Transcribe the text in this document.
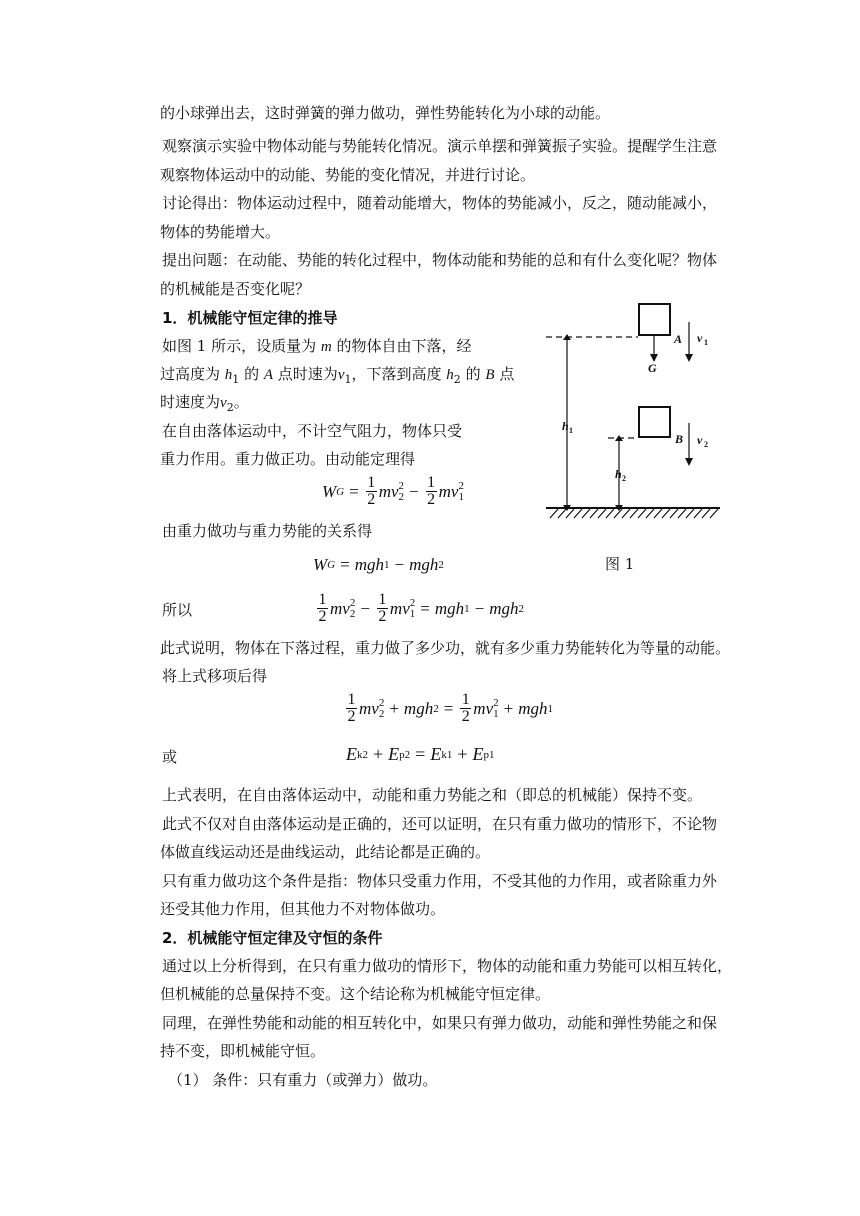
的小球弹出去，这时弹簧的弹力做功，弹性势能转化为小球的动能。
观察演示实验中物体动能与势能转化情况。演示单摆和弹簧振子实验。提醒学生注意
观察物体运动中的动能、势能的变化情况，并进行讨论。
讨论得出：物体运动过程中，随着动能增大，物体的势能减小，反之，随动能减小，
物体的势能增大。
提出问题：在动能、势能的转化过程中，物体动能和势能的总和有什么变化呢？物体
的机械能是否变化呢？
1．机械能守恒定律的推导
如图 1 所示，设质量为 m 的物体自由下落，经
过高度为 $h_1$ 的 A 点时速为$v_1$，下落到高度 $h_2$ 的 B 点
时速度为$v_2$。
在自由落体运动中，不计空气阻力，物体只受
重力作用。重力做正功。由动能定理得
W $G = \frac{1}{2}$ mv 2
$2 - \frac{1}{2}$ mv 2
1
由重力做功与重力势能的关系得
W G = mgh 1 − mgh 2
所以	$\frac{1}{2}$ mv 2
$2 - \frac{1}{2}$ mv 2
1 = mgh 1 − mgh 2
此式说明，物体在下落过程，重力做了多少功，就有多少重力势能转化为等量的动能。
将上式移项后得
$\frac{1}{2}$ mv 2
2 + mgh $2 = \frac{1}{2}$ mv 2
1 + mgh 1
或	E k2 + E p2 = E k1 + E p1
上式表明，在自由落体运动中，动能和重力势能之和（即总的机械能）保持不变。
此式不仅对自由落体运动是正确的，还可以证明，在只有重力做功的情形下，不论物
体做直线运动还是曲线运动，此结论都是正确的。
只有重力做功这个条件是指：物体只受重力作用，不受其他的力作用，或者除重力外
还受其他力作用，但其他力不对物体做功。
2．机械能守恒定律及守恒的条件
通过以上分析得到，在只有重力做功的情形下，物体的动能和重力势能可以相互转化，
但机械能的总量保持不变。这个结论称为机械能守恒定律。
同理，在弹性势能和动能的相互转化中，如果只有弹力做功，动能和弹性势能之和保
持不变，即机械能守恒。
（1） 条件：只有重力（或弹力）做功。
A
G
v 1
B v 2
h 1
h 2
图 1
